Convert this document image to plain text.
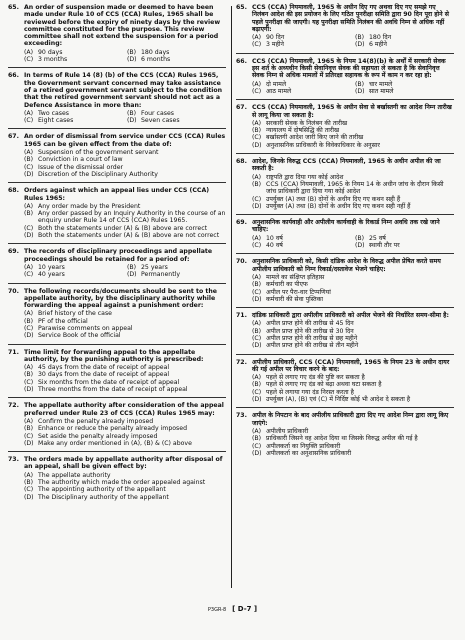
65. An order of suspension made or deemed to have been made under Rule 10 of CCS (CCA) Rules, 1965 shall be reviewed before the expiry of ninety days by the review committee constituted for the purpose. This review committee shall not extend the suspension for a period exceeding:
(A) 90 days	(B) 180 days
(C) 3 months	(D) 6 months
66. In terms of Rule 14 (8) (b) of the CCS (CCA) Rules 1965, the Government servant concerned may take assistance of a retired government servant subject to the condition that the retired government servant should not act as a Defence Assistance in more than:
(A) Two cases	(B) Four cases
(C) Eight cases	(D) Seven cases
67. An order of dismissal from service under CCS (CCA) Rules 1965 can be given effect from the date of:
(A) Suspension of the government servant
(B) Conviction in a court of law
(C) Issue of the dismissal order
(D) Discretion of the Disciplinary Authority
68. Orders against which an appeal lies under CCS (CCA) Rules 1965:
(A) Any order made by the President
(B) Any order passed by an Inquiry Authority in the course of an enquiry under Rule 14 of CCS (CCA) Rules 1965.
(C) Both the statements under (A) & (B) above are correct
(D) Both the statements under (A) & (B) above are not correct
69. The records of disciplinary proceedings and appellate proceedings should be retained for a period of:
(A) 10 years	(B) 25 years
(C) 40 years	(D) Permanently
70. The following records/documents should be sent to the appellate authority, by the disciplinary authority while forwarding the appeal against a punishment order:
(A) Brief history of the case
(B) PF of the official
(C) Parawise comments on appeal
(D) Service Book of the official
71. Time limit for forwarding appeal to the appellate authority, by the punishing authority is prescribed:
(A) 45 days from the date of receipt of appeal
(B) 30 days from the date of receipt of appeal
(C) Six months from the date of receipt of appeal
(D) Three months from the date of receipt of appeal
72. The appellate authority after consideration of the appeal preferred under Rule 23 of CCS (CCA) Rules 1965 may:
(A) Confirm the penalty already imposed
(B) Enhance or reduce the penalty already imposed
(C) Set aside the penalty already imposed
(D) Make any order mentioned in (A), (B) & (C) above
73. The orders made by appellate authority after disposal of an appeal, shall be given effect by:
(A) The appellate authority
(B) The authority which made the order appealed against
(C) The appointing authority of the appellant
(D) The Disciplinary authority of the appellant
65. CCS (CCA) नियमावली, 1965 के अधीन दिए गए अथवा दिए गए समझे गए निलंबन आदेश की इस प्रयोजन के लिए गठित पुनरीक्षा समिति द्वारा 90 दिन पूरा होने से पहले पुनरीक्षा की जाएगी। यह पुनरीक्षा समिति निलंबन की अवधि निम्न से अधिक नहीं बढ़ाएगी:
(A) 90 दिन	(B) 180 दिन
(C) 3 महीने	(D) 6 महीने
66. CCS (CCA) नियमावली, 1965 के नियम 14(8)(b) के अर्थों में सरकारी सेवक इस शर्त के अध्यधीन किसी सेवानिवृत्त सेवक की सहायता ले सकता है कि सेवानिवृत्त सेवक निम्न से अधिक मामलों में प्रतिरक्षा सहायक के रूप में काम न कर रहा हो:
(A) दो मामले	(B) चार मामले
(C) आठ मामले	(D) सात मामले
67. CCS (CCA) नियमावली, 1965 के अधीन सेवा से बर्खास्तगी का आदेश निम्न तारीख से लागू किया जा सकता है:
(A) सरकारी सेवक के निलंबन की तारीख
(B) न्यायालय में दोषसिद्धि की तारीख
(C) बर्खास्तगी आदेश जारी किए जाने की तारीख
(D) अनुशासनिक प्राधिकारी के विवेकाधिकार के अनुसार
68. आदेश, जिनके विरुद्ध CCS (CCA) नियमावली, 1965 के अधीन अपील की जा सकती है:
(A) राष्ट्रपति द्वारा दिया गया कोई आदेश
(B) CCS (CCA) नियमावली, 1965 के नियम 14 के अधीन जांच के दौरान किसी जांच प्राधिकारी द्वारा दिया गया कोई आदेश
(C) उपर्युक्त (A) तथा (B) दोनों के अधीन दिए गए कथन सही हैं
(D) उपर्युक्त (A) तथा (B) दोनों के अधीन दिए गए कथन सही नहीं हैं
69. अनुशासनिक कार्यवाही और अपीलीय कार्यवाही के रिकार्ड निम्न अवधि तक रखे जाने चाहिए:
(A) 10 वर्ष	(B) 25 वर्ष
(C) 40 वर्ष	(D) स्थायी तौर पर
70. अनुशासनिक प्राधिकारी को, किसी दांडिक आदेश के विरुद्ध अपील प्रेषित करते समय अपीलीय प्राधिकारी को निम्न रिकार्ड/दस्तावेज भेजने चाहिए:
(A) मामले का संक्षिप्त इतिहास
(B) कर्मचारी का पीएफ
(C) अपील पर पैरा-वार टिप्पणियां
(D) कर्मचारी की सेवा पुस्तिका
71. दांडिक प्राधिकारी द्वारा अपीलीय प्राधिकारी को अपील भेजने की निर्धारित समय-सीमा है:
(A) अपील प्राप्त होने की तारीख से 45 दिन
(B) अपील प्राप्त होने की तारीख से 30 दिन
(C) अपील प्राप्त होने की तारीख से छह महीने
(D) अपील प्राप्त होने की तारीख से तीन महीने
72. अपीलीय प्राधिकारी, CCS (CCA) नियमावली, 1965 के नियम 23 के अधीन दायर की गई अपील पर विचार करने के बाद:
(A) पहले से लगाए गए दंड की पुष्टि कर सकता है
(B) पहले से लगाए गए दंड को बढ़ा अथवा घटा सकता है
(C) पहले से लगाया गया दंड निरस्त करता है
(D) उपर्युक्त (A), (B) एवं (C) में निर्दिष्ट कोई भी आदेश दे सकता है
73. अपील के निपटान के बाद अपीलीय प्राधिकारी द्वारा दिए गए आदेश निम्न द्वारा लागू किए जाएंगे:
(A) अपीलीय प्राधिकारी
(B) प्राधिकारी जिसने वह आदेश दिया था जिसके विरुद्ध अपील की गई है
(C) अपीलकर्ता का नियुक्ति प्राधिकारी
(D) अपीलकर्ता का अनुशासनिक प्राधिकारी
P3GR-8 [ D-7 ]
